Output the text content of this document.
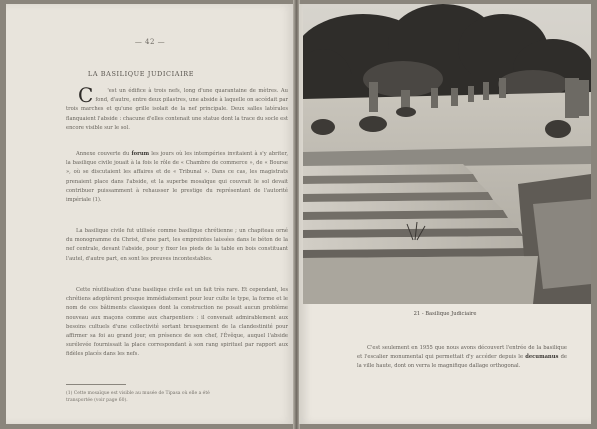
— 42 —
LA BASILIQUE JUDICIAIRE
C	'est un édifice à trois nefs, long d'une quarantaine de mètres. Au fond, d'autre, entre deux pilastres, une abside à laquelle on accédait par trois marches et qu'une grille isolait de la nef principale. Deux salles latérales flanquaient l'abside : chacune d'elles contenait une statue dont la trace du socle est encore visible sur le sol.
Annexe couverte du forum les jours où les intempéries invitaient à s'y abriter, la basilique civile jouait à la fois le rôle de « Chambre de commerce », de « Bourse », où se discutaient les affaires et de « Tribunal ». Dans ce cas, les magistrats prenaient place dans l'abside, et la superbe mosaïque qui couvrait le sol devait contribuer puissamment à rehausser le prestige du représentant de l'autorité impériale (1).
La basilique civile fut utilisée comme basilique chrétienne ; un chapiteau orné du monogramme du Christ, d'une part, les empreintes laissées dans le béton de la nef centrale, devant l'abside, pour y fixer les pieds de la table en bois constituant l'autel, d'autre part, en sont les preuves incontestables.
Cette réutilisation d'une basilique civile est un fait très rare. Et cependant, les chrétiens adoptèrent presque immédiatement pour leur culte le type, la forme et le nom de ces bâtiments classiques dont la construction ne posait aucun problème nouveau aux maçons comme aux charpentiers : il convenait admirablement aux besoins cultuels d'une collectivité sortant brusquement de la clandestinité pour affirmer sa foi au grand jour, en présence de son chef, l'Évêque, auquel l'abside surélevée fournissait la place correspondant à son rang spirituel par rapport aux fidèles placés dans les nefs.
(1) Cette mosaïque est visible au musée de Tipasa où elle a été transportée (voir page 60).
21 - Basilique Judiciaire
C'est seulement en 1955 que nous avons découvert l'entrée de la basilique et l'escalier monumental qui permettait d'y accéder depuis le decumanus de la ville haute, dont on verra le magnifique dallage orthogonal.
